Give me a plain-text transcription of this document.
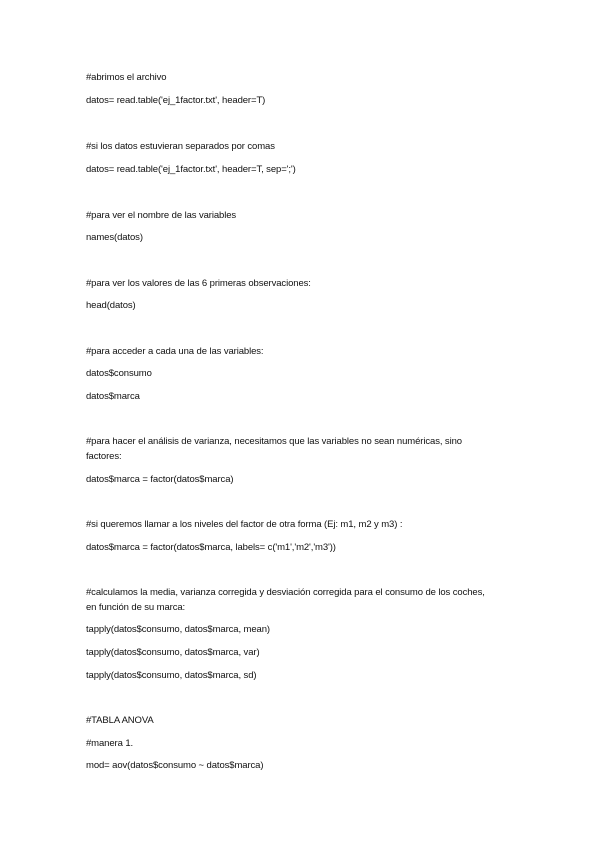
#abrimos el archivo
datos= read.table('ej_1factor.txt', header=T)
#si los datos estuvieran separados por comas
datos= read.table('ej_1factor.txt', header=T, sep=';')
#para ver el nombre de las variables
names(datos)
#para ver los valores de las 6 primeras observaciones:
head(datos)
#para acceder a cada una de las variables:
datos$consumo
datos$marca
#para hacer el análisis de varianza, necesitamos que las variables no sean numéricas, sino factores:
datos$marca = factor(datos$marca)
#si queremos llamar a los niveles del factor de otra forma (Ej: m1, m2 y m3) :
datos$marca = factor(datos$marca, labels= c('m1','m2','m3'))
#calculamos la media, varianza corregida y desviación corregida para el consumo de los coches, en función de su marca:
tapply(datos$consumo, datos$marca, mean)
tapply(datos$consumo, datos$marca, var)
tapply(datos$consumo, datos$marca, sd)
#TABLA ANOVA
#manera 1.
mod= aov(datos$consumo ~ datos$marca)
